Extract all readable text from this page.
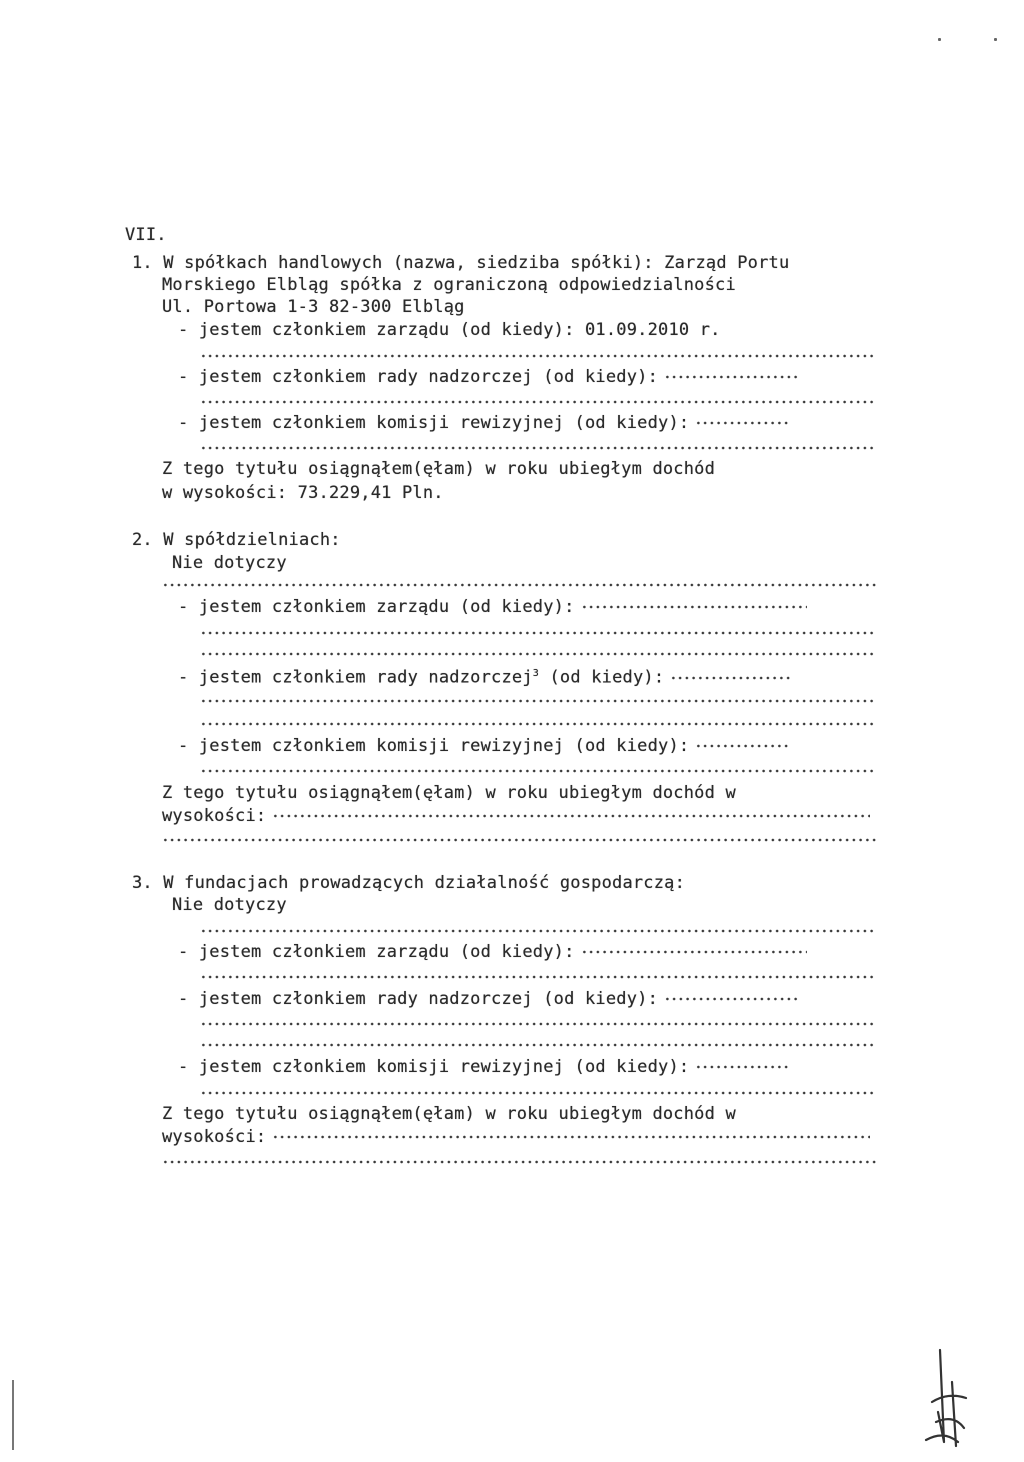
VII.
1. W spółkach handlowych (nazwa, siedziba spółki): Zarząd Portu
Morskiego Elbląg spółka z ograniczoną odpowiedzialności
Ul. Portowa 1-3 82-300 Elbląg
- jestem członkiem zarządu (od kiedy): 01.09.2010 r.
- jestem członkiem rady nadzorczej (od kiedy):
- jestem członkiem komisji rewizyjnej (od kiedy):
Z tego tytułu osiągnąłem(ęłam) w roku ubiegłym dochód
w wysokości: 73.229,41 Pln.
2. W spółdzielniach:
Nie dotyczy
- jestem członkiem zarządu (od kiedy):
- jestem członkiem rady nadzorczej$^3$ (od kiedy):
- jestem członkiem komisji rewizyjnej (od kiedy):
Z tego tytułu osiągnąłem(ęłam) w roku ubiegłym dochód w
wysokości:
3. W fundacjach prowadzących działalność gospodarczą:
Nie dotyczy
- jestem członkiem zarządu (od kiedy):
- jestem członkiem rady nadzorczej (od kiedy):
- jestem członkiem komisji rewizyjnej (od kiedy):
Z tego tytułu osiągnąłem(ęłam) w roku ubiegłym dochód w
wysokości:
